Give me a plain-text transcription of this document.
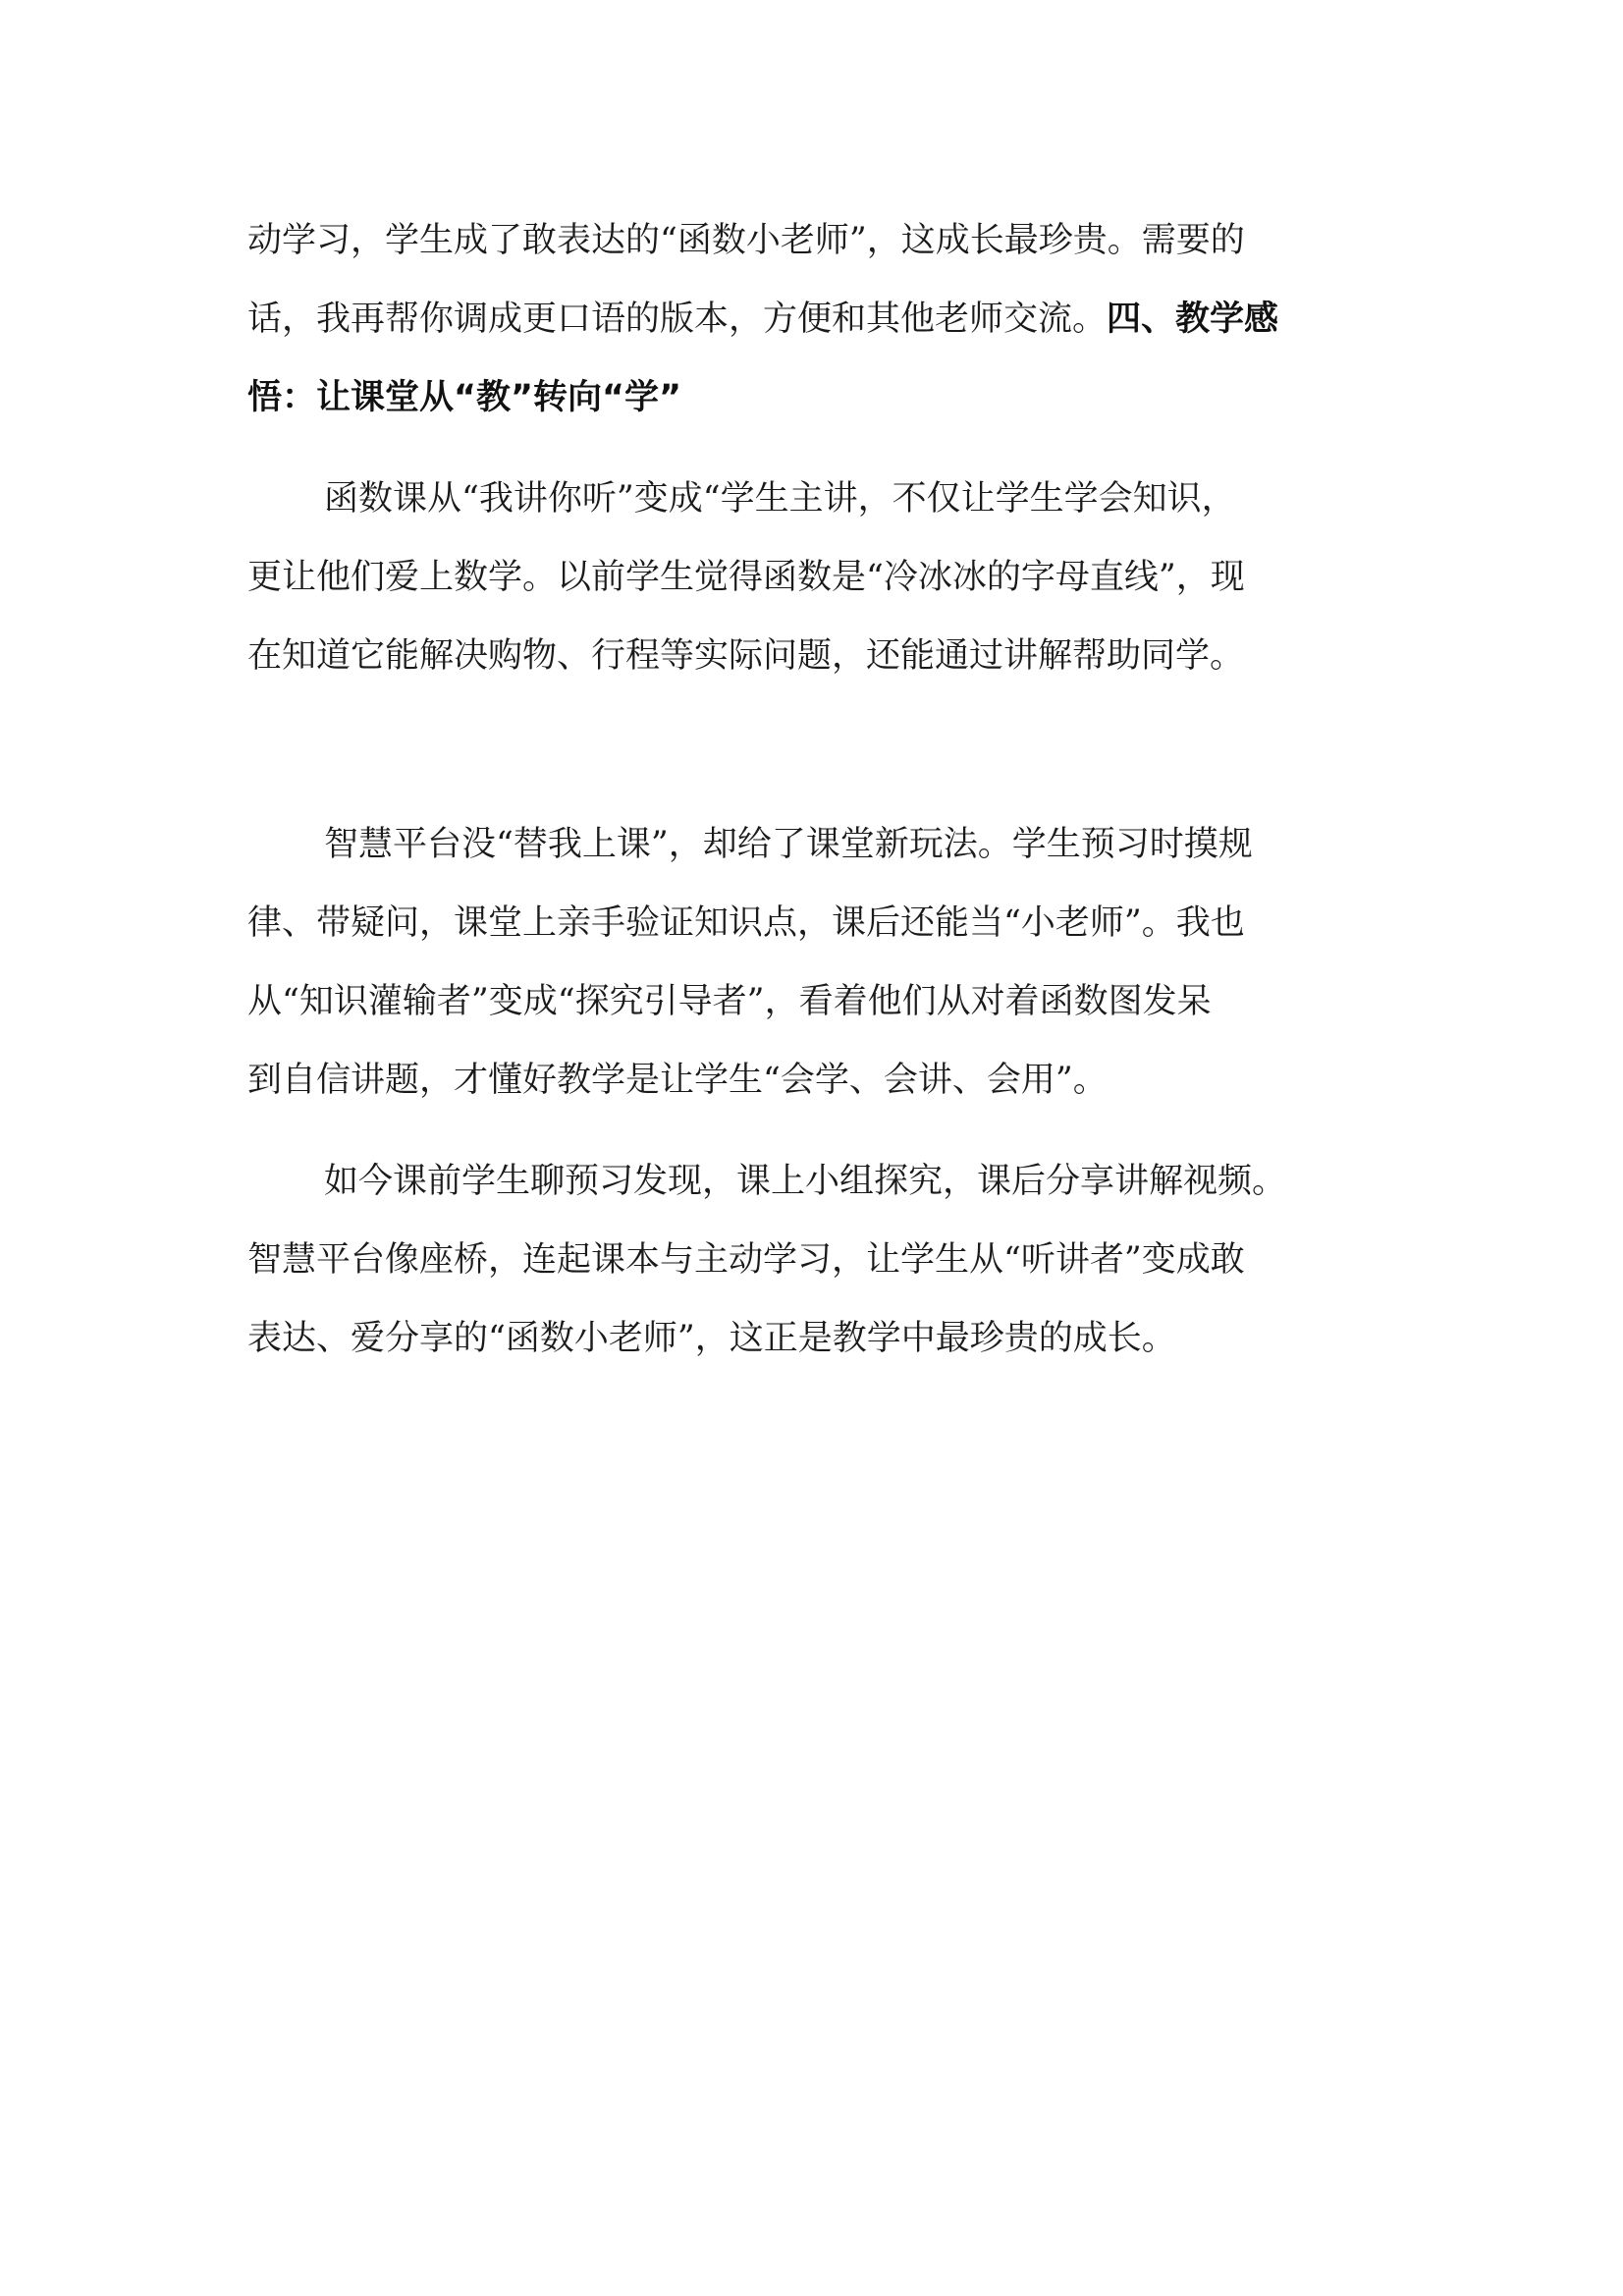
动学习，学生成了敢表达的“函数小老师”，这成长最珍贵。需要的
话，我再帮你调成更口语的版本，方便和其他老师交流。四、教学感
悟：让课堂从“教”转向“学”
函数课从“我讲你听”变成“学生主讲，不仅让学生学会知识，
更让他们爱上数学。以前学生觉得函数是“冷冰冰的字母直线”，现
在知道它能解决购物、行程等实际问题，还能通过讲解帮助同学。
智慧平台没“替我上课”，却给了课堂新玩法。学生预习时摸规
律、带疑问，课堂上亲手验证知识点，课后还能当“小老师”。我也
从“知识灌输者”变成“探究引导者”，看着他们从对着函数图发呆
到自信讲题，才懂好教学是让学生“会学、会讲、会用”。
如今课前学生聊预习发现，课上小组探究，课后分享讲解视频。
智慧平台像座桥，连起课本与主动学习，让学生从“听讲者”变成敢
表达、爱分享的“函数小老师”，这正是教学中最珍贵的成长。
